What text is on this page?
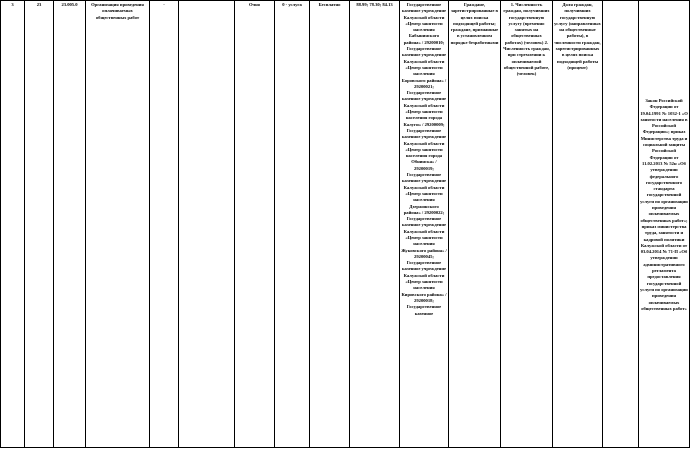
3	23	23.005.0	Организация проведения оплачиваемых общественных работ	-		Очно	0 - услуга	Бесплатно	88.99; 78.30; 84.13	Государственное казенное учреждение Калужской области «Центр занятости населения Бабынинского района» / 29200010; Государственное казенное учреждение Калужской области «Центр занятости населения Боровского района» / 29200021; Государственное казенное учреждение Калужской области «Центр занятости населения города Калуги» / 29200009; Государственное казенное учреждение Калужской области «Центр занятости населения города Обнинска» / 29200019; Государственное казенное учреждение Калужской области «Центр занятости населения Дзержинского района» / 29200022; Государственное казенное учреждение Калужской области «Центр занятости населения Жуковского района» / 29200045; Государственное казенное учреждение Калужской области «Центр занятости населения Кировского района» / 29200018; Государственное казенное	Граждане, зарегистрированные в целях поиска подходящей работы; граждане, признанные в установленном порядке безработными	1. Численность граждан, получивших государственную услугу (временно занятых на общественных работах) (человек) 2. Численность граждан, при стремлении к оплачиваемой общественной работе, (человек)	Доля граждан, получивших государственную услугу (направленных на общественные работы), в численности граждан, зарегистрированных в целях поиска подходящей работы (процент)		Закон Российской Федерации от 19.04.1991 № 1032-1 «О занятости населения в Российской Федерации»; приказ Министерства труда и социальной защиты Российской Федерации от 11.02.2013 № 52н «Об утверждении федерального государственного стандарта государственной услуги по организации проведения оплачиваемых общественных работ»; приказ министерства труда, занятости и кадровой политики Калужской области от 03.04.2014 № 71-П «Об утверждении административного регламента предоставления государственной услуги по организации проведения оплачиваемых общественных работ»
